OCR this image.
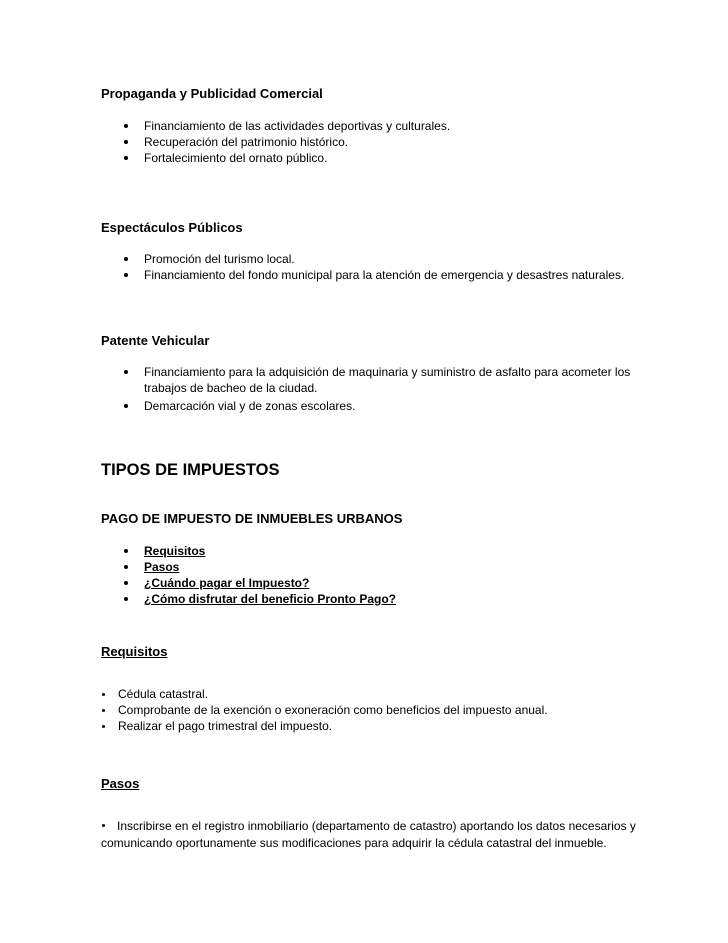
Propaganda y Publicidad Comercial
Financiamiento de las actividades deportivas y culturales.
Recuperación del patrimonio histórico.
Fortalecimiento del ornato público.
Espectáculos Públicos
Promoción del turismo local.
Financiamiento del fondo municipal para la atención de emergencia y desastres naturales.
Patente Vehicular
Financiamiento para la adquisición de maquinaria y suministro de asfalto para acometer los trabajos de bacheo de la ciudad.
Demarcación vial y de zonas escolares.
TIPOS DE IMPUESTOS
PAGO DE IMPUESTO DE INMUEBLES URBANOS
Requisitos
Pasos
¿Cuándo pagar el Impuesto?
¿Cómo disfrutar del beneficio Pronto Pago?
Requisitos
Cédula catastral.
Comprobante de la exención o exoneración como beneficios del impuesto anual.
Realizar el pago trimestral del impuesto.
Pasos

Inscribirse en el registro inmobiliario (departamento de catastro) aportando los datos necesarios y comunicando oportunamente sus modificaciones para adquirir la cédula catastral del inmueble.
